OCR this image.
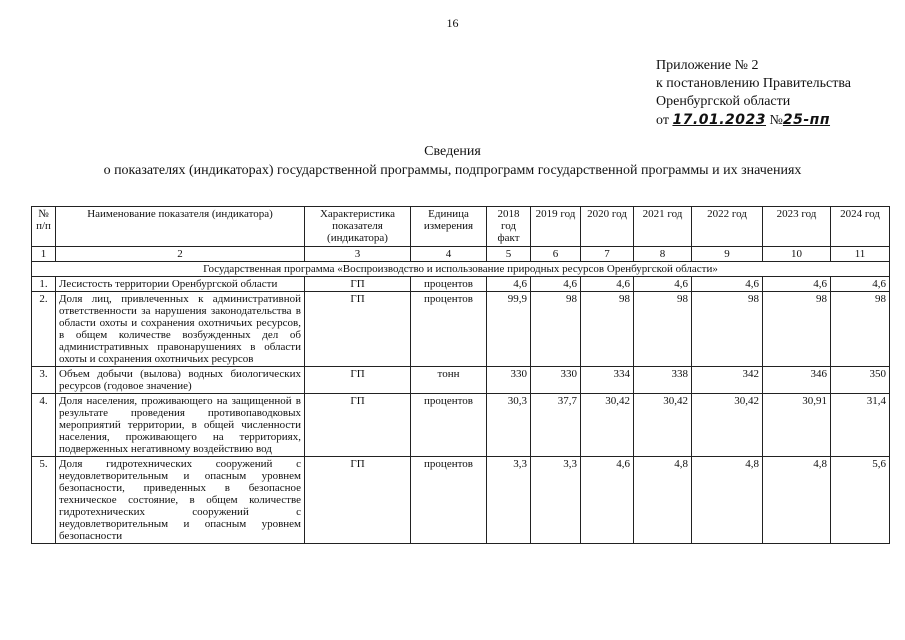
16
Приложение № 2
к постановлению Правительства
Оренбургской области
от 17.01.2023 №25-пп
Сведения
о показателях (индикаторах) государственной программы, подпрограмм государственной программы и их значениях
№ п/п	Наименование показателя (индикатора)	Характеристика показателя (индикатора)	Единица измерения	2018 год факт	2019 год	2020 год	2021 год	2022 год	2023 год	2024 год
1	2	3	4	5	6	7	8	9	10	11
Государственная программа «Воспроизводство и использование природных ресурсов Оренбургской области»										
1.	Лесистость территории Оренбургской области	ГП	процентов	4,6	4,6	4,6	4,6	4,6	4,6	4,6
2.	Доля лиц, привлеченных к административной ответственности за нарушения законодательства в области охоты и сохранения охотничьих ресурсов, в общем количестве возбужденных дел об административных правонарушениях в области охоты и сохранения охотничьих ресурсов	ГП	процентов	99,9	98	98	98	98	98	98
3.	Объем добычи (вылова) водных биологических ресурсов (годовое значение)	ГП	тонн	330	330	334	338	342	346	350
4.	Доля населения, проживающего на защищенной в результате проведения противопаводковых мероприятий территории, в общей численности населения, проживающего на территориях, подверженных негативному воздействию вод	ГП	процентов	30,3	37,7	30,42	30,42	30,42	30,91	31,4
5.	Доля гидротехнических сооружений с неудовлетворительным и опасным уровнем безопасности, приведенных в безопасное техническое состояние, в общем количестве гидротехнических сооружений с неудовлетворительным и опасным уровнем безопасности	ГП	процентов	3,3	3,3	4,6	4,8	4,8	4,8	5,6
